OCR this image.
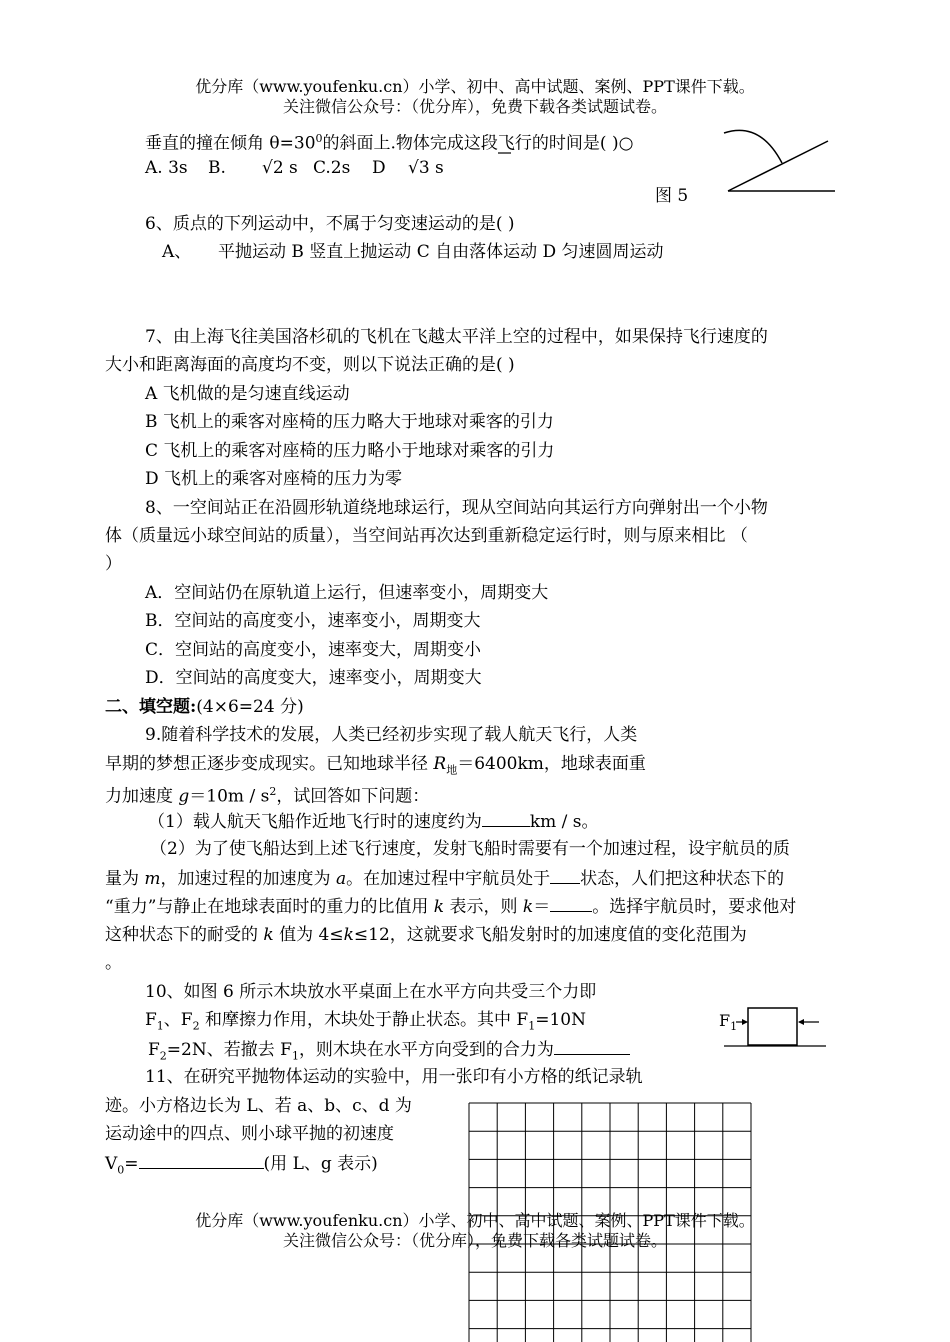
优分库（www.youfenku.cn）小学、初中、高中试题、案例、PPT课件下载。
关注微信公众号：（优分库），免费下载各类试题试卷。
垂直的撞在倾角 $\theta=30^0$的斜面上.物体完成这段飞行的时间是( )○
A. 3s B. √2 s C.2s D √3 s
图 5
6、质点的下列运动中，不属于匀变速运动的是( )
A、 平抛运动 B 竖直上抛运动 C 自由落体运动 D 匀速圆周运动
7、由上海飞往美国洛杉矶的飞机在飞越太平洋上空的过程中，如果保持飞行速度的
大小和距离海面的高度均不变，则以下说法正确的是( )
A 飞机做的是匀速直线运动
B 飞机上的乘客对座椅的压力略大于地球对乘客的引力
C 飞机上的乘客对座椅的压力略小于地球对乘客的引力
D 飞机上的乘客对座椅的压力为零
8、一空间站正在沿圆形轨道绕地球运行，现从空间站向其运行方向弹射出一个小物
体（质量远小球空间站的质量），当空间站再次达到重新稳定运行时，则与原来相比 （
）
A．空间站仍在原轨道上运行，但速率变小，周期变大
B．空间站的高度变小，速率变小，周期变大
C．空间站的高度变小，速率变大，周期变小
D．空间站的高度变大，速率变小，周期变大
二、填空题:(4×6=24 分)
9.随着科学技术的发展，人类已经初步实现了载人航天飞行，人类
早期的梦想正逐步变成现实。已知地球半径 $R_地=6400km$，地球表面重
力加速度 $g=10m / s^2$，试回答如下问题：
（1）载人航天飞船作近地飞行时的速度约为	km / s。
（2）为了使飞船达到上述飞行速度，发射飞船时需要有一个加速过程，设宇航员的质
量为 m，加速过程的加速度为 a。在加速过程中宇航员处于 状态，人们把这种状态下的
“重力”与静止在地球表面时的重力的比值用 k 表示，则 k＝ 。选择宇航员时，要求他对
这种状态下的耐受的 k 值为 4≤k≤12，这就要求飞船发射时的加速度值的变化范围为
。
10、如图 6 所示木块放水平桌面上在水平方向共受三个力即
$F_1$、$F_2$ 和摩擦力作用，木块处于静止状态。其中 $F_1=10N$
$F_2=2N$、若撤去 $F_1$，则木块在水平方向受到的合力为
$F_1$
11、在研究平抛物体运动的实验中，用一张印有小方格的纸记录轨
迹。小方格边长为 L、若 a、b、c、d 为
运动途中的四点、则小球平抛的初速度
$V_0=$	(用 L、g 表示)
优分库（www.youfenku.cn）小学、初中、高中试题、案例、PPT课件下载。
关注微信公众号：（优分库），免费下载各类试题试卷。
